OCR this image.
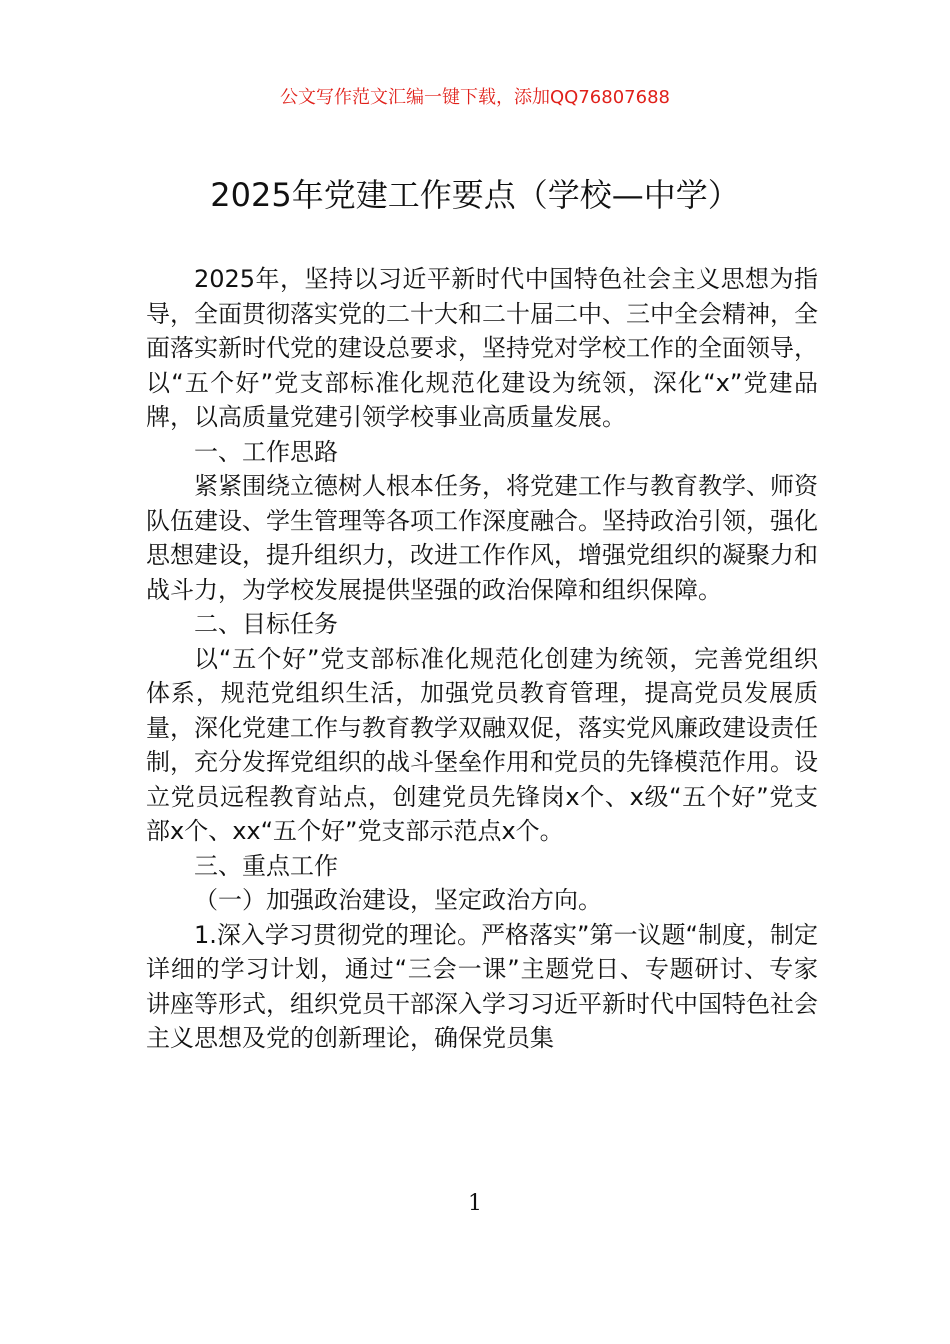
公文写作范文汇编一键下载，添加QQ76807688
2025年党建工作要点（学校—中学）

2025年，坚持以习近平新时代中国特色社会主义思想为指导，全面贯彻落实党的二十大和二十届二中、三中全会精神，全面落实新时代党的建设总要求，坚持党对学校工作的全面领导，以“五个好”党支部标准化规范化建设为统领，深化“x”党建品牌，以高质量党建引领学校事业高质量发展。

一、工作思路

紧紧围绕立德树人根本任务，将党建工作与教育教学、师资队伍建设、学生管理等各项工作深度融合。坚持政治引领，强化思想建设，提升组织力，改进工作作风，增强党组织的凝聚力和战斗力，为学校发展提供坚强的政治保障和组织保障。

二、目标任务

以“五个好”党支部标准化规范化创建为统领，完善党组织体系，规范党组织生活，加强党员教育管理，提高党员发展质量，深化党建工作与教育教学双融双促，落实党风廉政建设责任制，充分发挥党组织的战斗堡垒作用和党员的先锋模范作用。设立党员远程教育站点，创建党员先锋岗x个、x级“五个好”党支部x个、xx“五个好”党支部示范点x个。

三、重点工作

（一）加强政治建设，坚定政治方向。

1.深入学习贯彻党的理论。严格落实”第一议题“制度，制定详细的学习计划，通过“三会一课”主题党日、专题研讨、专家讲座等形式，组织党员干部深入学习习近平新时代中国特色社会主义思想及党的创新理论，确保党员集

1
